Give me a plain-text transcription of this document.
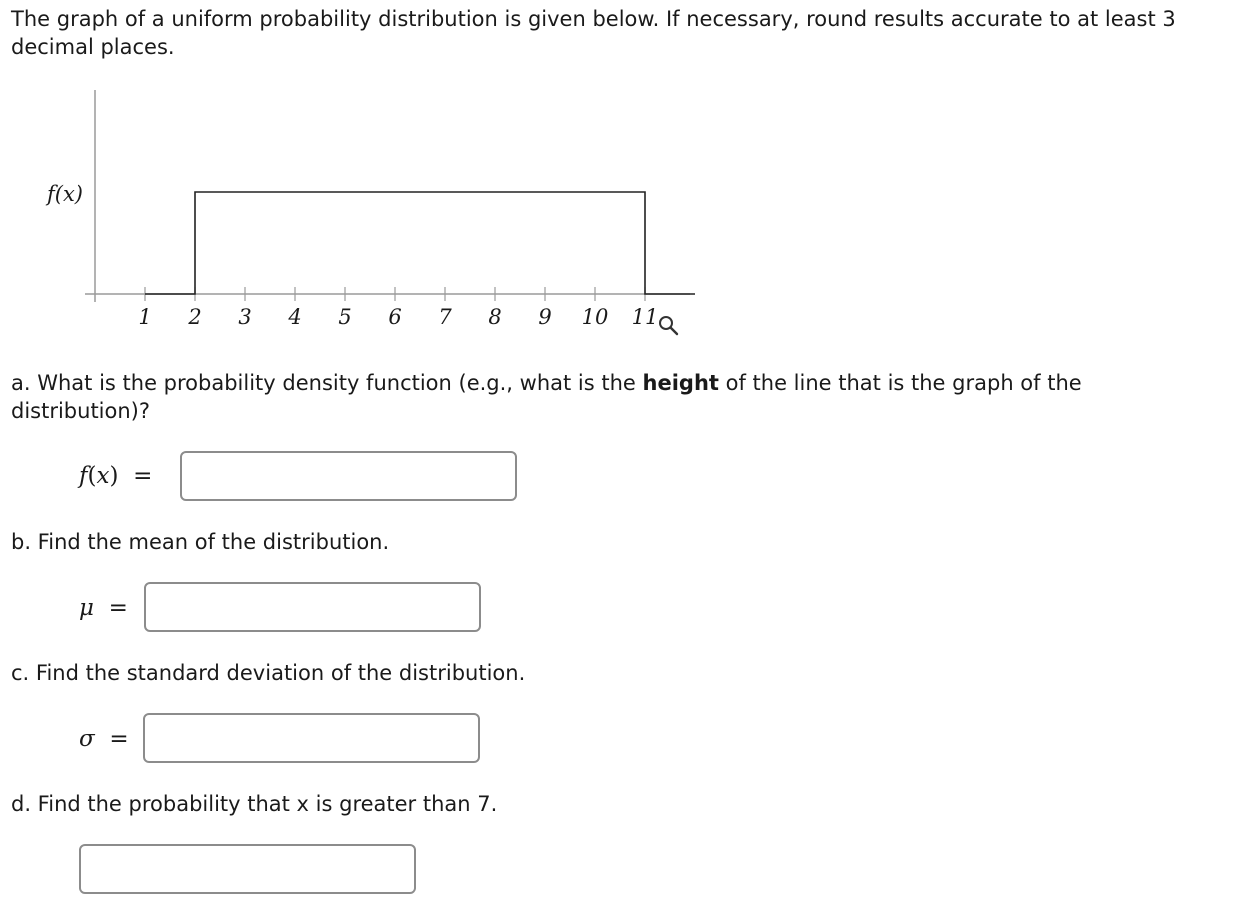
The graph of a uniform probability distribution is given below. If necessary, round results accurate to at least 3 decimal places.

1 2 3 4 5 6 7 8 9 10 11
f(x)

a. What is the probability density function (e.g., what is the height of the line that is the graph of the distribution)?

f(x)  =

b. Find the mean of the distribution.

μ  =

c. Find the standard deviation of the distribution.

σ  =

d. Find the probability that x is greater than 7.
